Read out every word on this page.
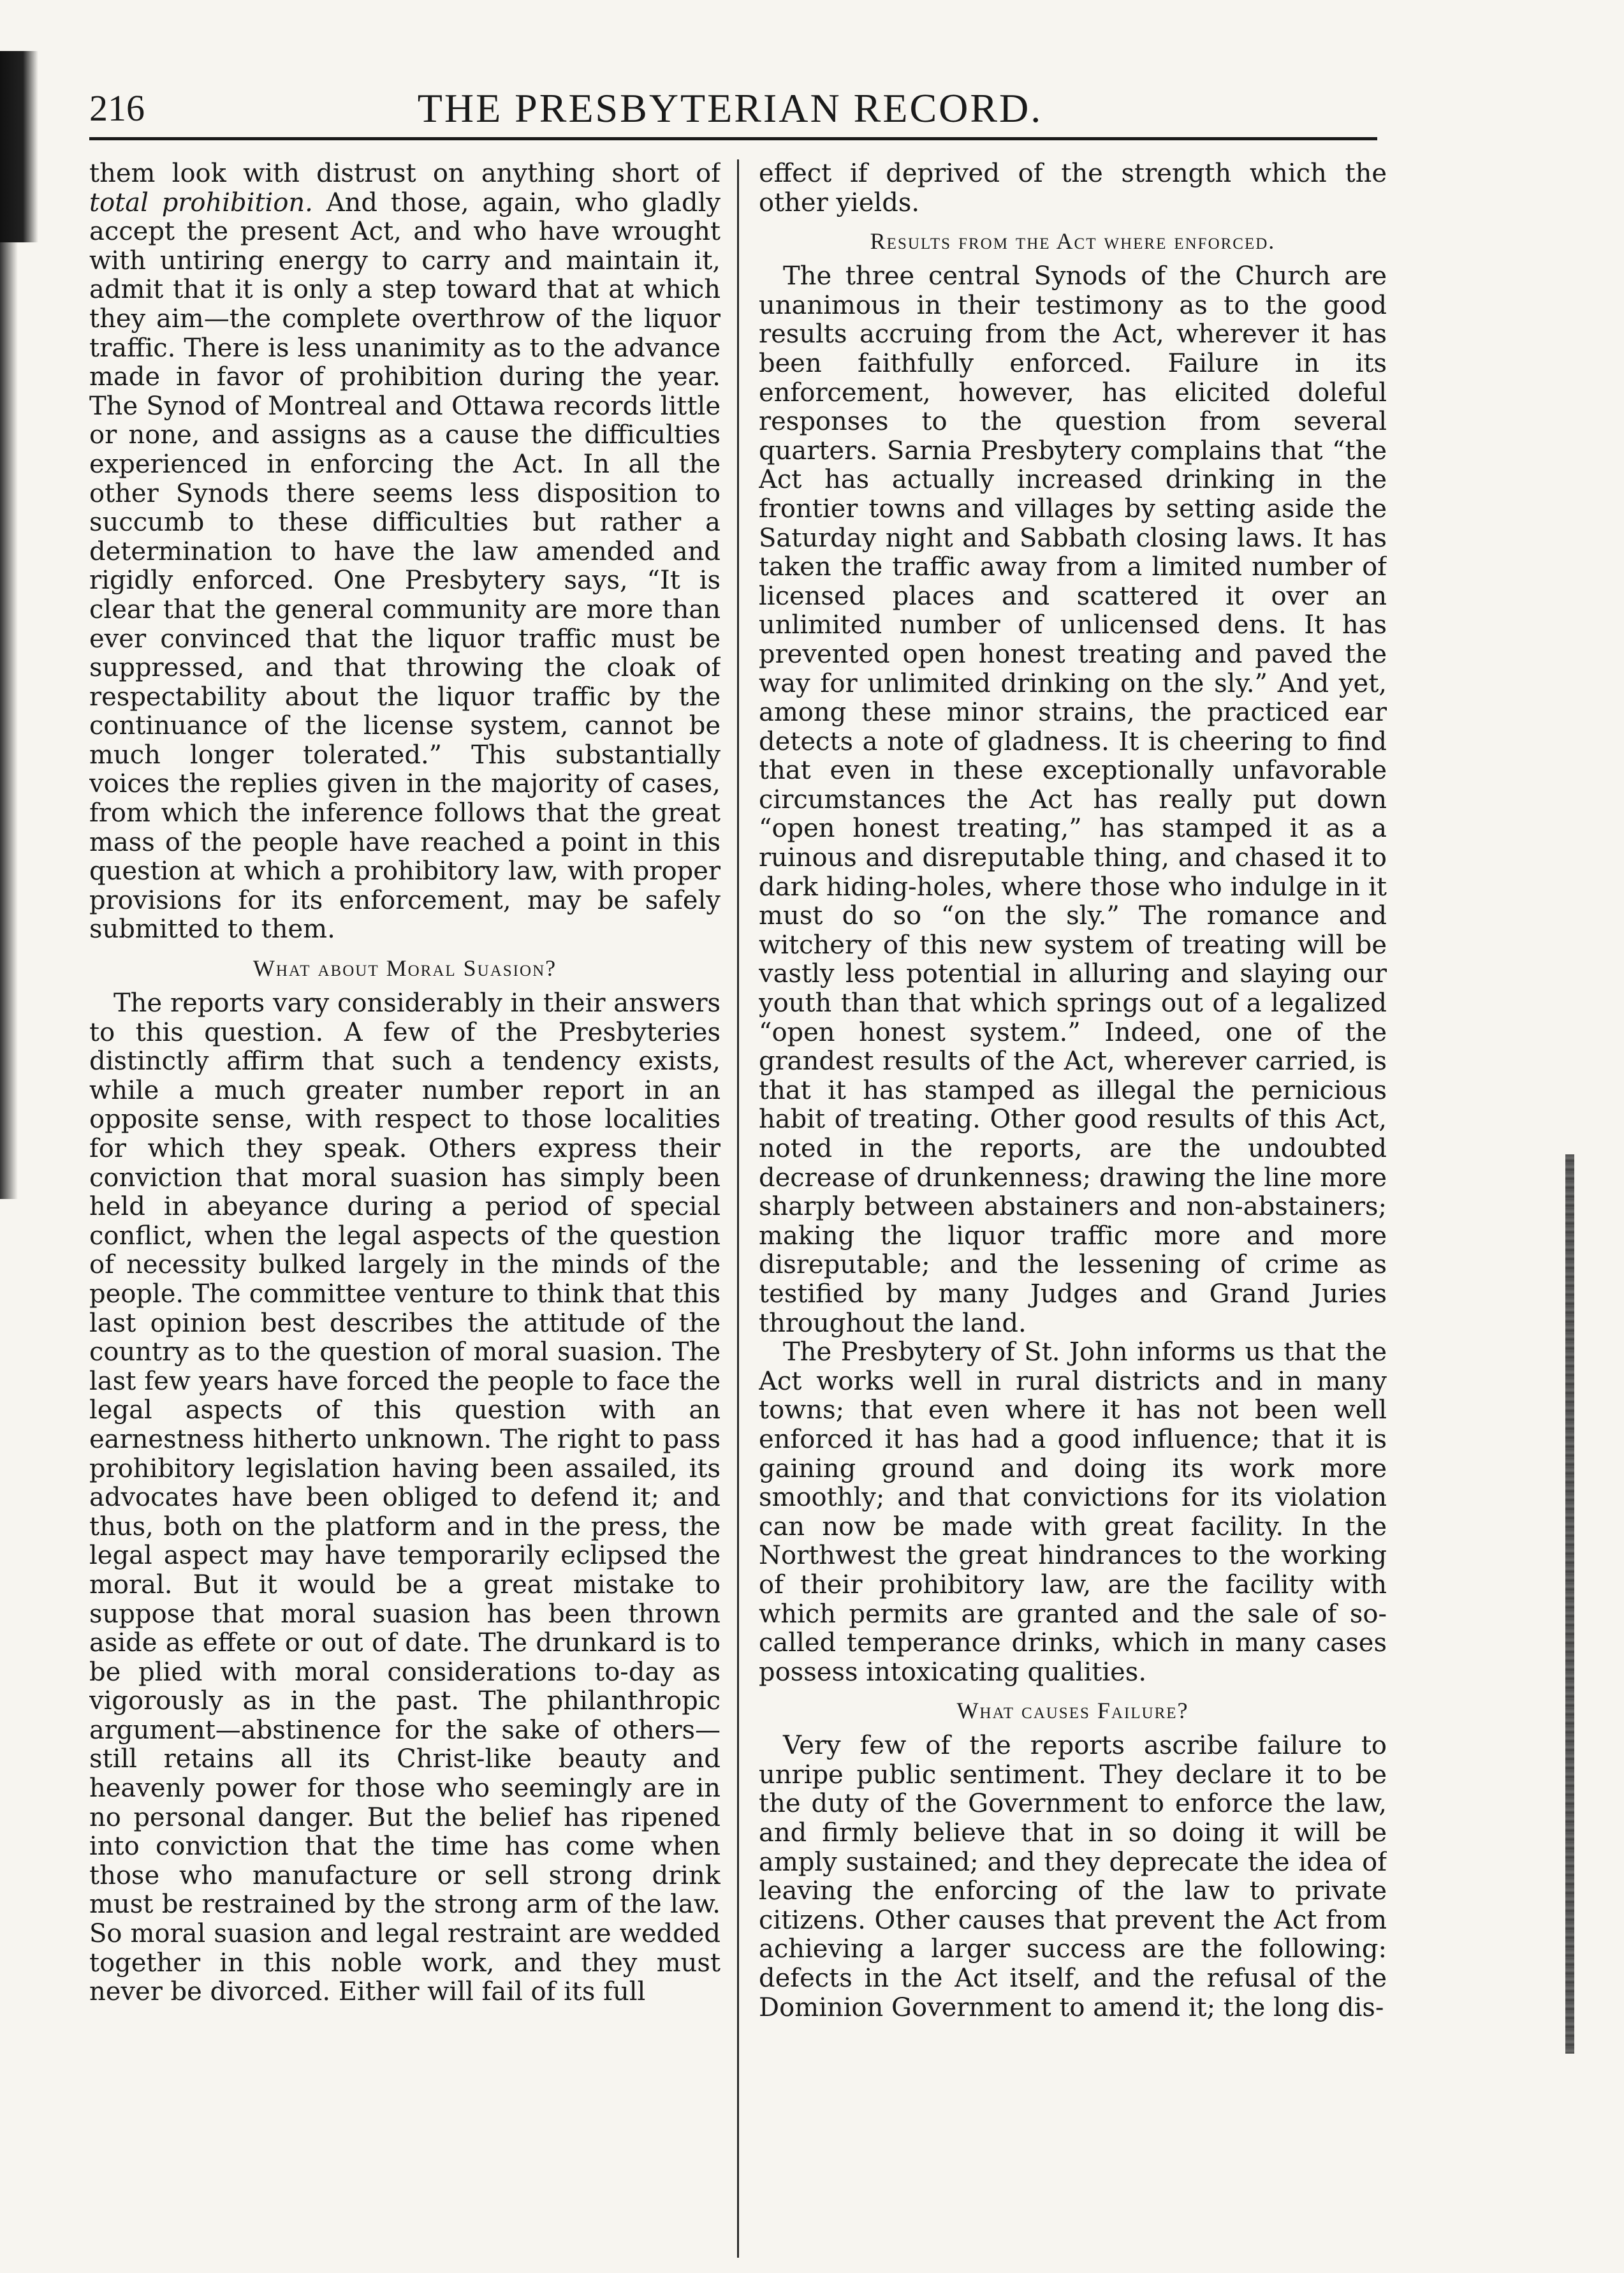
216	THE PRESBYTERIAN RECORD.

them look with distrust on anything short of total prohibition. And those, again, who gladly accept the present Act, and who have wrought with untiring energy to carry and maintain it, admit that it is only a step toward that at which they aim—the complete overthrow of the liquor traffic. There is less unanimity as to the advance made in favor of prohibition during the year. The Synod of Montreal and Ottawa records little or none, and assigns as a cause the difficulties experienced in enforcing the Act. In all the other Synods there seems less disposition to succumb to these difficulties but rather a determination to have the law amended and rigidly enforced. One Presbytery says, “It is clear that the general community are more than ever convinced that the liquor traffic must be suppressed, and that throwing the cloak of respectability about the liquor traffic by the continuance of the license system, cannot be much longer tolerated.” This substantially voices the replies given in the majority of cases, from which the inference follows that the great mass of the people have reached a point in this question at which a prohibitory law, with proper provisions for its enforcement, may be safely submitted to them.

What about Moral Suasion?

The reports vary considerably in their answers to this question. A few of the Presbyteries distinctly affirm that such a tendency exists, while a much greater number report in an opposite sense, with respect to those localities for which they speak. Others express their conviction that moral suasion has simply been held in abeyance during a period of special conflict, when the legal aspects of the question of necessity bulked largely in the minds of the people. The committee venture to think that this last opinion best describes the attitude of the country as to the question of moral suasion. The last few years have forced the people to face the legal aspects of this question with an earnestness hitherto unknown. The right to pass prohibitory legislation having been assailed, its advocates have been obliged to defend it; and thus, both on the platform and in the press, the legal aspect may have temporarily eclipsed the moral. But it would be a great mistake to suppose that moral suasion has been thrown aside as effete or out of date. The drunkard is to be plied with moral considerations to-day as vigorously as in the past. The philanthropic argument—abstinence for the sake of others—still retains all its Christ-like beauty and heavenly power for those who seemingly are in no personal danger. But the belief has ripened into conviction that the time has come when those who manufacture or sell strong drink must be restrained by the strong arm of the law. So moral suasion and legal restraint are wedded together in this noble work, and they must never be divorced. Either will fail of its full

effect if deprived of the strength which the other yields.

Results from the Act where enforced.

The three central Synods of the Church are unanimous in their testimony as to the good results accruing from the Act, wherever it has been faithfully enforced. Failure in its enforcement, however, has elicited doleful responses to the question from several quarters. Sarnia Presbytery complains that “the Act has actually increased drinking in the frontier towns and villages by setting aside the Saturday night and Sabbath closing laws. It has taken the traffic away from a limited number of licensed places and scattered it over an unlimited number of unlicensed dens. It has prevented open honest treating and paved the way for unlimited drinking on the sly.” And yet, among these minor strains, the practiced ear detects a note of gladness. It is cheering to find that even in these exceptionally unfavorable circumstances the Act has really put down “open honest treating,” has stamped it as a ruinous and disreputable thing, and chased it to dark hiding-holes, where those who indulge in it must do so “on the sly.” The romance and witchery of this new system of treating will be vastly less potential in alluring and slaying our youth than that which springs out of a legalized “open honest system.” Indeed, one of the grandest results of the Act, wherever carried, is that it has stamped as illegal the pernicious habit of treating. Other good results of this Act, noted in the reports, are the undoubted decrease of drunkenness; drawing the line more sharply between abstainers and non-abstainers; making the liquor traffic more and more disreputable; and the lessening of crime as testified by many Judges and Grand Juries throughout the land.

The Presbytery of St. John informs us that the Act works well in rural districts and in many towns; that even where it has not been well enforced it has had a good influence; that it is gaining ground and doing its work more smoothly; and that convictions for its violation can now be made with great facility. In the Northwest the great hindrances to the working of their prohibitory law, are the facility with which permits are granted and the sale of so-called temperance drinks, which in many cases possess intoxicating qualities.

What causes Failure?

Very few of the reports ascribe failure to unripe public sentiment. They declare it to be the duty of the Government to enforce the law, and firmly believe that in so doing it will be amply sustained; and they deprecate the idea of leaving the enforcing of the law to private citizens. Other causes that prevent the Act from achieving a larger success are the following: defects in the Act itself, and the refusal of the Dominion Government to amend it; the long dis-
